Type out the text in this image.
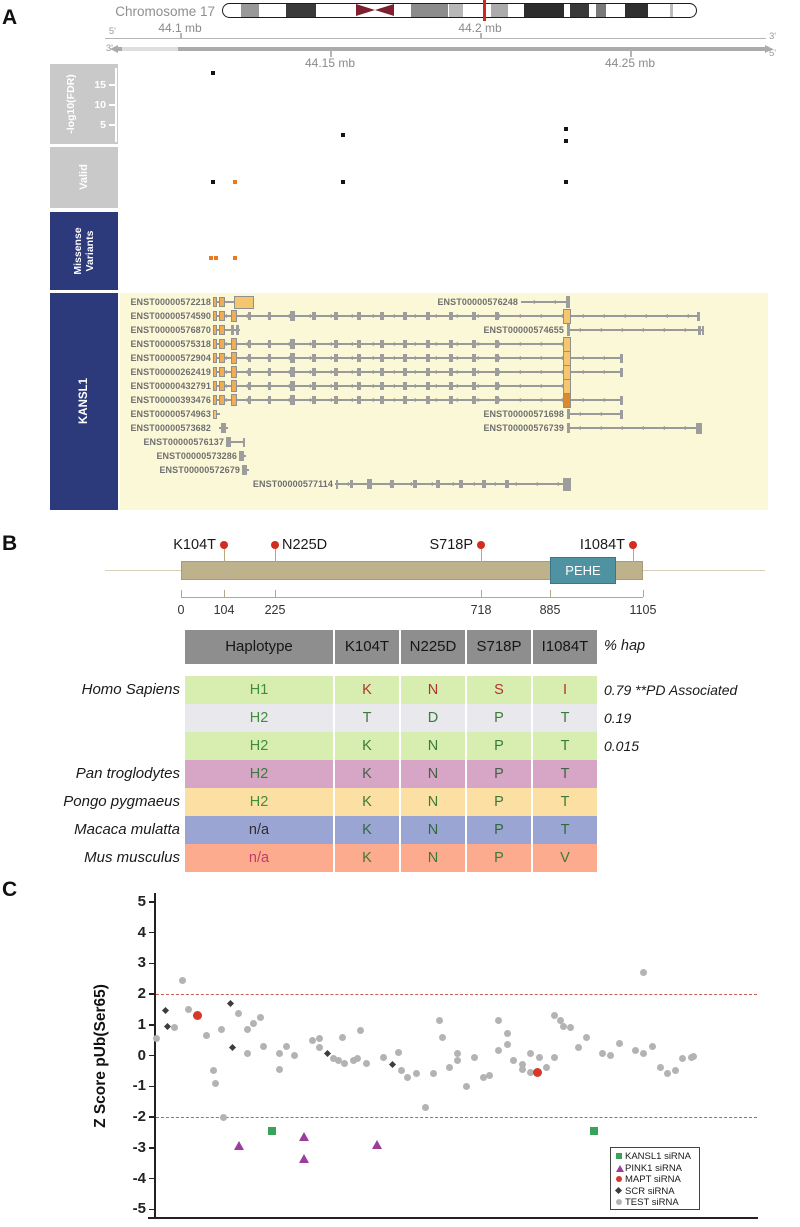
A	Chromosome 17
5'	3'
3'	5'
-log10(FDR)
Valid
Missense Variants
KANSL1
15
10
5
ENST00000572218	ENST00000576248
ENST00000574590
ENST00000576870	ENST00000574655
ENST00000575318
ENST00000572904
ENST00000262419
ENST00000432791
ENST00000393476
ENST00000574963	ENST00000571698
ENST00000573682	ENST00000576739
ENST00000576137
ENST00000573286
ENST00000572679
ENST00000577114
B
PEHE
K104T	N225D	S718P	I1084T
0	104	225	718	885	1105
Haplotype	K104T	N225D	S718P	I1084T	% hap
Homo Sapiens	H1	K	N	S	I	0.79 **PD Associated
H2	T	D	P	T	0.19
H2	K	N	P	T	0.015
Pan troglodytes	H2	K	N	P	T
Pongo pygmaeus	H2	K	N	P	T
Macaca mulatta	n/a	K	N	P	T
Mus musculus	n/a	K	N	P	V
C
Z Score pUb(Ser65)
5
4
3
2
1
0
-1
-2
-3
-4
-5
KANSL1 siRNA
PINK1 siRNA
MAPT siRNA
SCR siRNA
TEST siRNA
44.1 mb	44.2 mb
44.15 mb	44.25 mb
